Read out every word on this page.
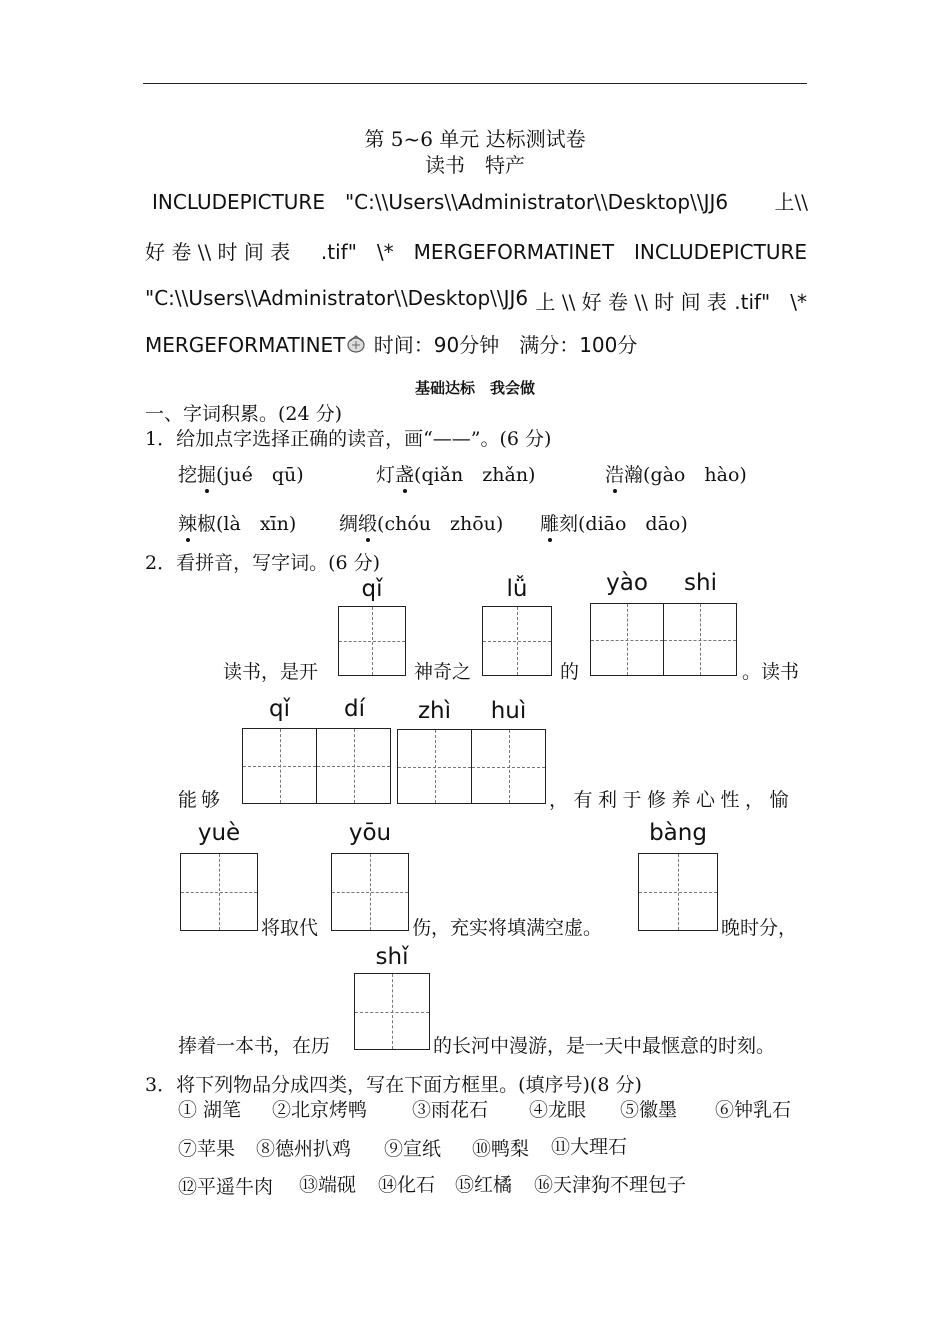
第 5~6 单元 达标测试卷
读书　特产
INCLUDEPICTURE　"C:\\Users\\Administrator\\Desktop\\JJ6 上\\
好 卷 \\ 时 间 表 .tif"　\*　MERGEFORMATINET　INCLUDEPICTURE
"C:\\Users\\Administrator\\Desktop\\JJ6 上 \\ 好 卷 \\ 时 间 表 .tif"　\*
MERGEFORMATINET 时间：90分钟　满分：100分
基础达标　我会做
一、字词积累。(24 分)
1．给加点字选择正确的读音，画“——”。(6 分)
挖掘(jué　qū)	灯盏(qiǎn　zhǎn)	浩瀚(gào　hào)
辣椒(là　xīn) 绸缎(chóu　zhōu) 雕刻(diāo　dāo)
2．看拼音，写字词。(6 分)
qǐ	lǚ	yào	shi
读书，是开	神奇之	的	。读书
qǐ	dí	zhì	huì
能够	，有利于修养心性，愉
yuè	yōu	bàng
将取代	伤，充实将填满空虚。	晚时分，
shǐ
捧着一本书，在历	的长河中漫游，是一天中最惬意的时刻。
3．将下列物品分成四类，写在下面方框里。(填序号)(8 分)
① 湖笔 ②北京烤鸭 ③雨花石 ④龙眼 ⑤徽墨 ⑥钟乳石
⑦苹果 ⑧德州扒鸡 ⑨宣纸 ⑩鸭梨 ⑪大理石
⑫平遥牛肉 ⑬端砚 ⑭化石 ⑮红橘 ⑯天津狗不理包子
